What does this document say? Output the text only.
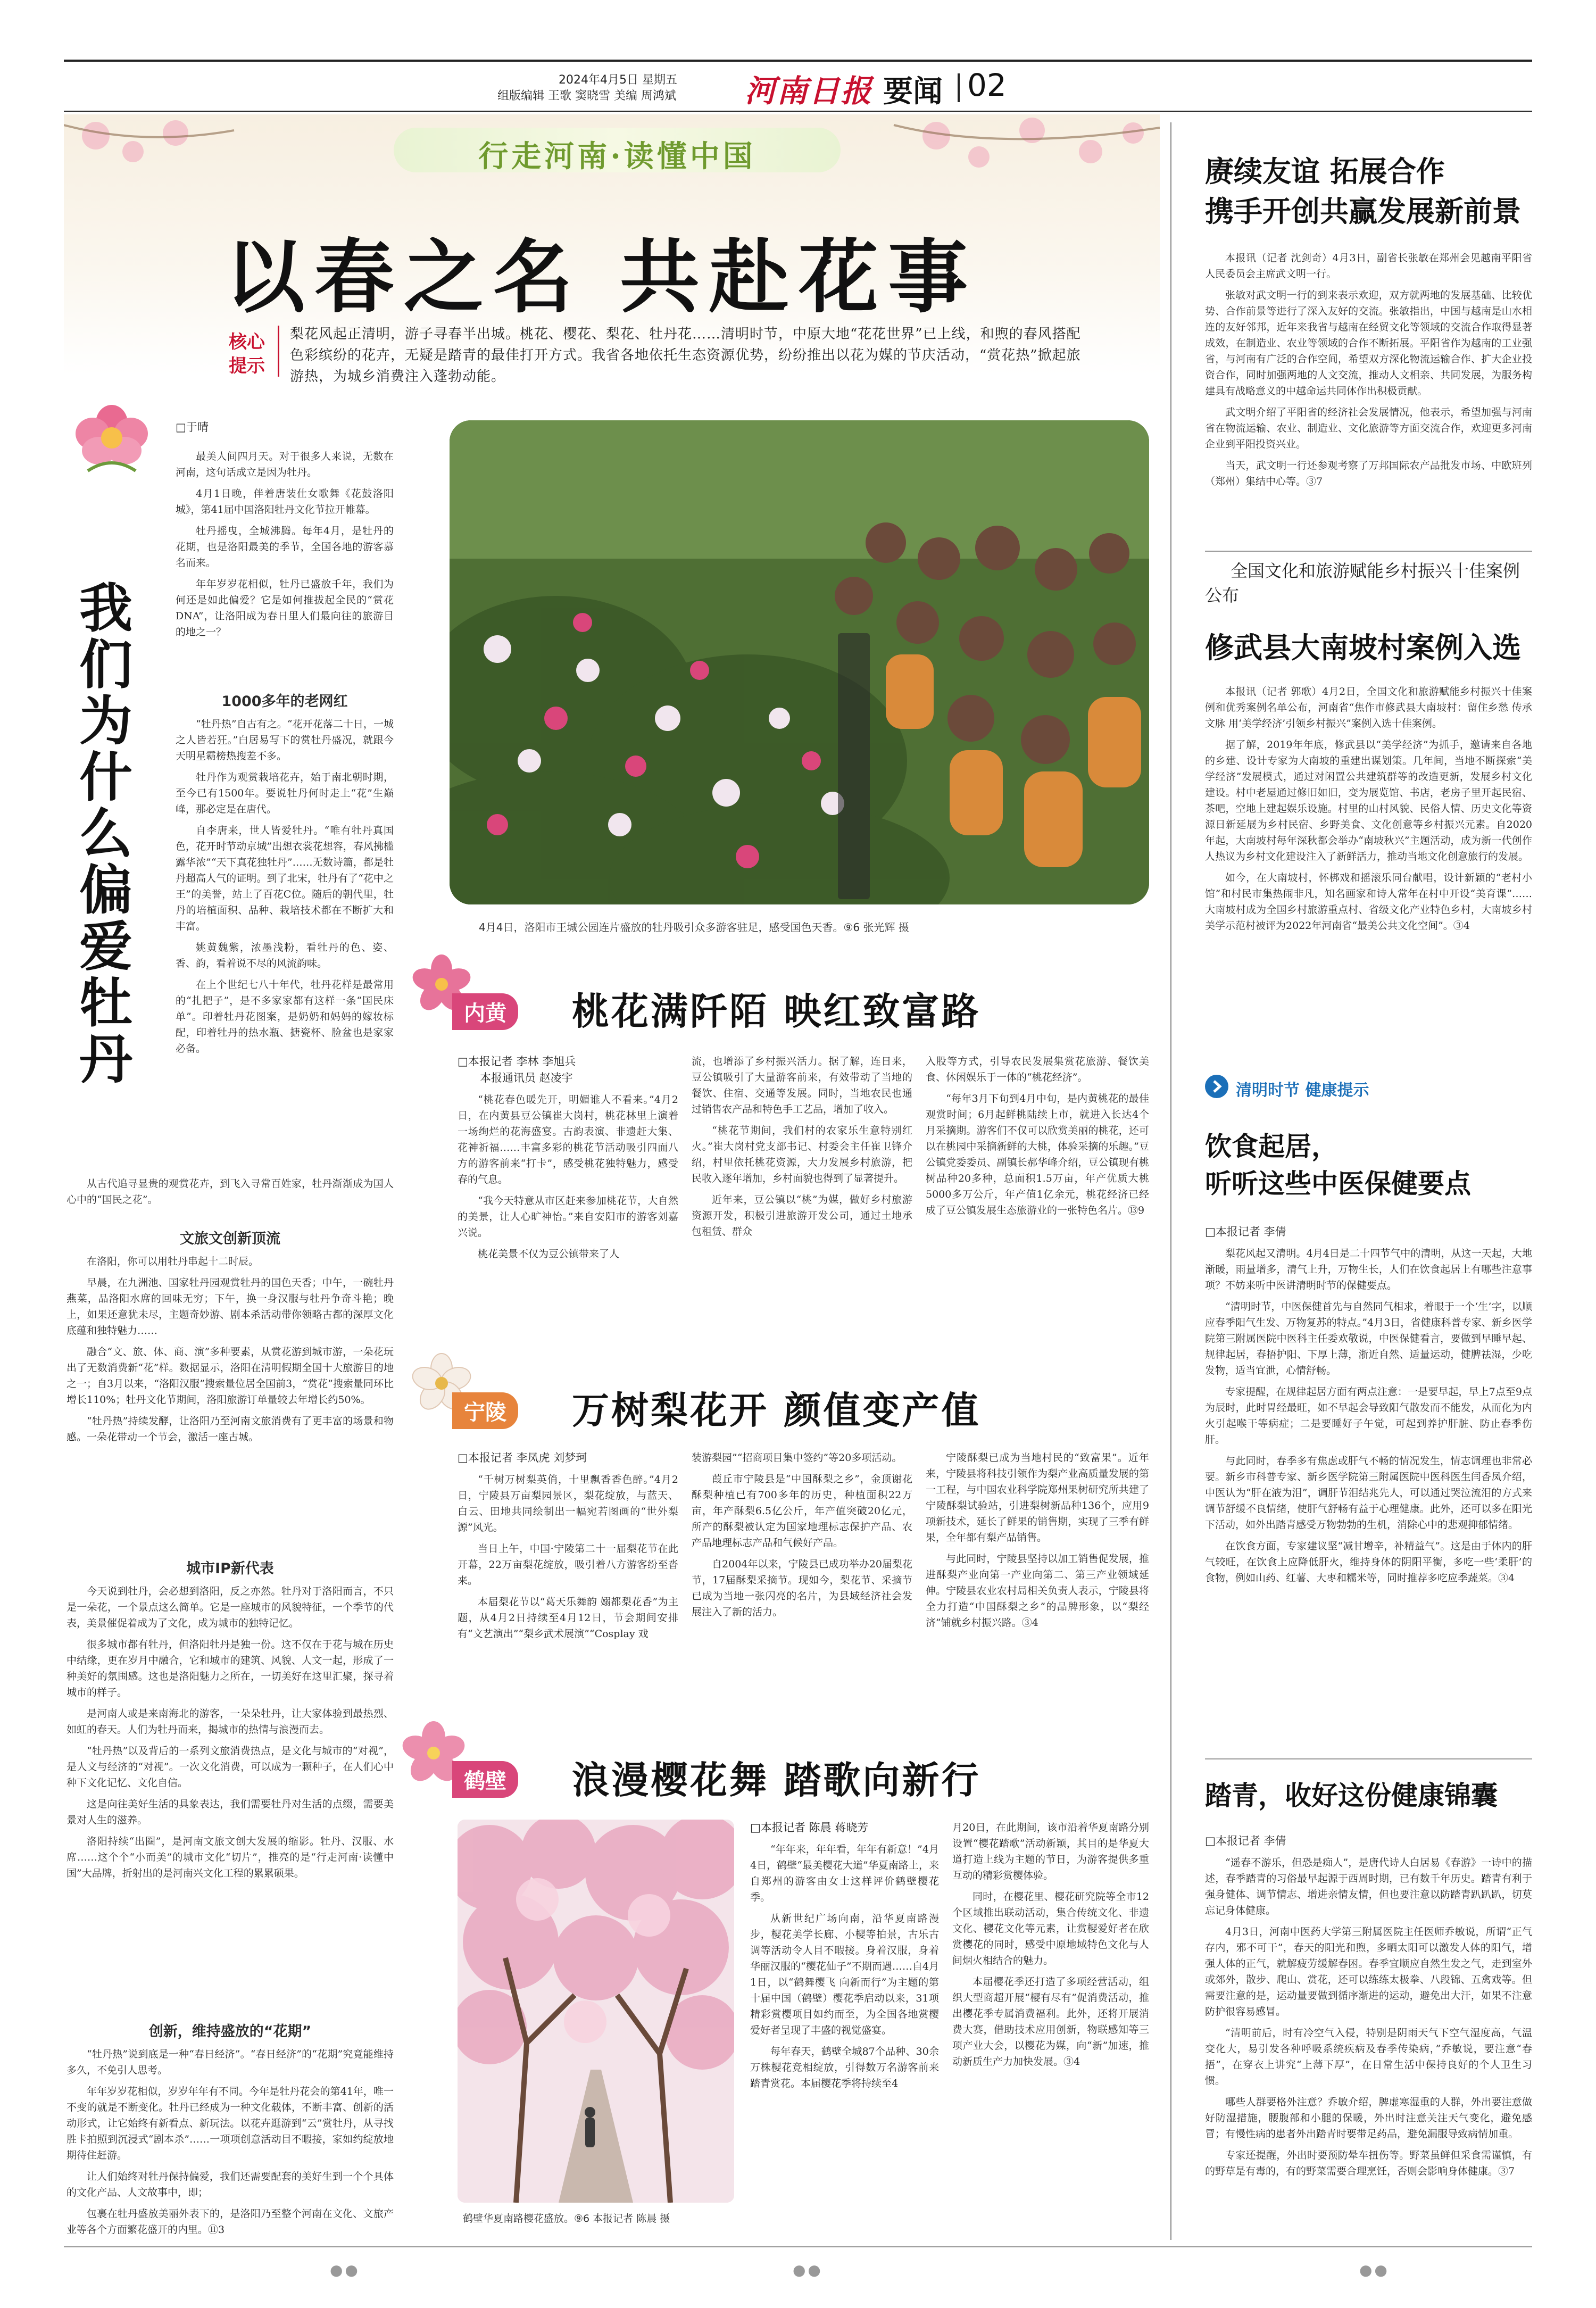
2024年4月5日 星期五
组版编辑 王歌 窦晓雪 美编 周鸿斌 河南日报 要闻 02
行走河南·读懂中国
以春之名 共赴花事
核心
提示
梨花风起正清明，游子寻春半出城。桃花、樱花、梨花、牡丹花……清明时节，中原大地“花花世界”已上线，和煦的春风搭配色彩缤纷的花卉，无疑是踏青的最佳打开方式。我省各地依托生态资源优势，纷纷推出以花为媒的节庆活动，“赏花热”掀起旅游热，为城乡消费注入蓬勃动能。
□于晴
我们为什么偏爱牡丹

最美人间四月天。对于很多人来说，无数在河南，这句话成立是因为牡丹。

4月1日晚，伴着唐装仕女歌舞《花鼓洛阳城》，第41届中国洛阳牡丹文化节拉开帷幕。

牡丹摇曳，全城沸腾。每年4月，是牡丹的花期，也是洛阳最美的季节，全国各地的游客慕名而来。

年年岁岁花相似，牡丹已盛放千年，我们为何还是如此偏爱？它是如何推拔起全民的“赏花DNA”，让洛阳成为春日里人们最向往的旅游目的地之一？

1000多年的老网红

“牡丹热”自古有之。“花开花落二十日，一城之人皆若狂。”白居易写下的赏牡丹盛况，就跟今天明星霸榜热搜差不多。

牡丹作为观赏栽培花卉，始于南北朝时期，至今已有1500年。要说牡丹何时走上“花”生巅峰，那必定是在唐代。

自李唐来，世人皆爱牡丹。“唯有牡丹真国色，花开时节动京城”出想衣裳花想容，春风拂槛露华浓”“天下真花独牡丹”……无数诗篇，都是牡丹超高人气的证明。到了北宋，牡丹有了“花中之王”的美誉，站上了百花C位。随后的朝代里，牡丹的培植面积、品种、栽培技术都在不断扩大和丰富。

姚黄魏紫，浓墨浅粉，看牡丹的色、姿、香、韵，看着说不尽的风流韵味。

在上个世纪七八十年代，牡丹花样是最常用的“扎把子”，是不多家家都有这样一条“国民床单”。印着牡丹花图案，是奶奶和妈妈的嫁妆标配，印着牡丹的热水瓶、搪瓷杯、脸盆也是家家必备。

从古代追寻显贵的观赏花卉，到飞入寻常百姓家，牡丹渐渐成为国人心中的“国民之花”。

文旅文创新顶流

在洛阳，你可以用牡丹串起十二时辰。

早晨，在九洲池、国家牡丹园观赏牡丹的国色天香；中午，一碗牡丹燕菜，品洛阳水席的回味无穷；下午，换一身汉服与牡丹争奇斗艳；晚上，如果还意犹未尽，主题奇妙游、剧本杀活动带你领略古都的深厚文化底蕴和独特魅力……

融合“文、旅、体、商、演”多种要素，从赏花游到城市游，一朵花玩出了无数消费新“花”样。数据显示，洛阳在清明假期全国十大旅游目的地之一；自3月以来，“洛阳汉服”搜索量位居全国前3，“赏花”搜索量同环比增长110%；牡丹文化节期间，洛阳旅游订单量较去年增长约50%。

“牡丹热”持续发酵，让洛阳乃至河南文旅消费有了更丰富的场景和物感。一朵花带动一个节会，激活一座古城。

城市IP新代表

今天说到牡丹，会必想到洛阳，反之亦然。牡丹对于洛阳而言，不只是一朵花，一个景点这么简单。它是一座城市的风貌特征，一个季节的代表，美景催促着成为了文化，成为城市的独特记忆。

很多城市都有牡丹，但洛阳牡丹是独一份。这不仅在于花与城在历史中结缘，更在岁月中融合，它和城市的建筑、风貌、人文一起，形成了一种美好的氛围感。这也是洛阳魅力之所在，一切美好在这里汇聚，探寻着城市的样子。

是河南人或是来南海北的游客，一朵朵牡丹，让大家体验到最热烈、如虹的春天。人们为牡丹而来，揭城市的热情与浪漫而去。

“牡丹热”以及背后的一系列文旅消费热点，是文化与城市的“对视”，是人文与经济的“对视”。一次文化消费，可以成为一颗种子，在人们心中种下文化记忆、文化自信。

这是向往美好生活的具象表达，我们需要牡丹对生活的点缀，需要美景对人生的滋养。

洛阳持续“出圈”，是河南文旅文创大发展的缩影。牡丹、汉服、水席……这个个“小而美”的城市文化“切片”，推亮的是“行走河南·读懂中国”大品牌，折射出的是河南兴文化工程的累累硕果。

创新，维持盛放的“花期”

“牡丹热”说到底是一种“春日经济”。“春日经济”的“花期”究竟能维持多久，不免引人思考。

年年岁岁花相似，岁岁年年有不同。今年是牡丹花会的第41年，唯一不变的就是不断变化。牡丹已经成为一种文化载体，不断丰富、创新的活动形式，让它始终有新看点、新玩法。以花卉逛游到“云”赏牡丹，从寻找胜卡拍照到沉浸式“剧本杀”……一项项创意活动目不暇接，家如约绽放地期待住赶游。

让人们始终对牡丹保持偏爱，我们还需要配套的美好生到一个个具体的文化产品、人文故事中，即；

包裹在牡丹盛放美丽外表下的，是洛阳乃至整个河南在文化、文旅产业等各个方面繁花盛开的内里。⑪3

4月4日，洛阳市王城公园连片盛放的牡丹吸引众多游客驻足，感受国色天香。⑨6 张光辉 摄
内黄	桃花满阡陌 映红致富路
□本报记者 李林 李旭兵
本报通讯员 赵凌宇

“桃花春色暖先开，明媚谁人不看来。”4月2日，在内黄县豆公镇崔大岗村，桃花林里上演着一场绚烂的花海盛宴。古韵表演、非遗赶大集、花神祈福……丰富多彩的桃花节活动吸引四面八方的游客前来“打卡”，感受桃花独特魅力，感受春的气息。

“我今天特意从市区赶来参加桃花节，大自然的美景，让人心旷神怡。”来自安阳市的游客刘嘉兴说。

桃花美景不仅为豆公镇带来了人

流，也增添了乡村振兴活力。据了解，连日来，豆公镇吸引了大量游客前来，有效带动了当地的餐饮、住宿、交通等发展。同时，当地农民也通过销售农产品和特色手工艺品，增加了收入。

“桃花节期间，我们村的农家乐生意特别红火。”崔大岗村党支部书记、村委会主任崔卫锋介绍，村里依托桃花资源，大力发展乡村旅游，把民收入逐年增加，乡村面貌也得到了显著提升。

近年来，豆公镇以“桃”为媒，做好乡村旅游资源开发，积极引进旅游开发公司，通过土地承包租赁、群众

入股等方式，引导农民发展集赏花旅游、餐饮美食、休闲娱乐于一体的“桃花经济”。

“每年3月下旬到4月中旬，是内黄桃花的最佳观赏时间；6月起鲜桃陆续上市，就进入长达4个月采摘期。游客们不仅可以欣赏美丽的桃花，还可以在桃园中采摘新鲜的大桃，体验采摘的乐趣。”豆公镇党委委员、副镇长郝华峰介绍，豆公镇现有桃树品种20多种，总面积1.5万亩，年产优质大桃5000多万公斤，年产值1亿余元，桃花经济已经成了豆公镇发展生态旅游业的一张特色名片。⑬9

宁陵	万树梨花开 颜值变产值
□本报记者 李凤虎 刘梦珂

“千树万树梨英俏，十里飘香香色醉。”4月2日，宁陵县万亩梨园景区，梨花绽放，与蓝天、白云、田地共同绘制出一幅宛若图画的“世外梨源”风光。

当日上午，中国·宁陵第二十一届梨花节在此开幕，22万亩梨花绽放，吸引着八方游客纷至沓来。

本届梨花节以“葛天乐舞韵 嫋都梨花香”为主题，从4月2日持续至4月12日，节会期间安排有“文艺演出”“梨乡武术展演”“Cosplay 戏

装游梨园”“招商项目集中签约”等20多项活动。

葭丘市宁陵县是“中国酥梨之乡”，金顶谢花酥梨种植已有700多年的历史，种植面积22万亩，年产酥梨6.5亿公斤，年产值突破20亿元，所产的酥梨被认定为国家地理标志保护产品、农产品地理标志产品和气候好产品。

自2004年以来，宁陵县已成功举办20届梨花节，17届酥梨采摘节。现如今，梨花节、采摘节已成为当地一张闪亮的名片，为县域经济社会发展注入了新的活力。

宁陵酥梨已成为当地村民的“致富果”。近年来，宁陵县将科技引领作为梨产业高质量发展的第一工程，与中国农业科学院郑州果树研究所共建了宁陵酥梨试验站，引进梨树新品种136个，应用9项新技术，延长了鲜果的销售期，实现了三季有鲜果，全年都有梨产品销售。

与此同时，宁陵县坚持以加工销售促发展，推进酥梨产业向第一产业向第二、第三产业领域延伸。宁陵县农业农村局相关负责人表示，宁陵县将全力打造“中国酥梨之乡”的品牌形象，以“梨经济”铺就乡村振兴路。③4

鹤壁	浪漫樱花舞 踏歌向新行
鹤壁华夏南路樱花盛放。⑨6 本报记者 陈晨 摄
□本报记者 陈晨 蒋晓芳

“年年来，年年看，年年有新意！”4月4日，鹤壁“最美樱花大道”华夏南路上，来自郑州的游客由女士这样评价鹤壁樱花季。

从新世纪广场向南，沿华夏南路漫步，樱花美学长廊、小樱等拍景，古乐古调等活动令人目不暇接。身着汉服，身着华丽汉服的“樱花仙子”不期而遇……自4月1日，以“鹤舞樱飞 向新而行”为主题的第十届中国（鹤壁）樱花季启动以来，31项精彩赏樱项目如约而至，为全国各地赏樱爱好者呈现了丰盛的视觉盛宴。

每年春天，鹤壁全城87个品种、30余万株樱花竞相绽放，引得数万名游客前来踏青赏花。本届樱花季将持续至4

月20日，在此期间，该市沿着华夏南路分别设置“樱花踏歌”活动新颖，其目的是华夏大道打造上线为主题的节日，为游客提供多重互动的精彩赏樱体验。

同时，在樱花里、樱花研究院等全市12个区域推出联动活动，集合传统文化、非遗文化、樱花文化等元素，让赏樱爱好者在欣赏樱花的同时，感受中原地域特色文化与人间烟火相结合的魅力。

本届樱花季还打造了多项经营活动，组织大型商超开展“樱有尽有”促消费活动，推出樱花季专属消费福利。此外，还将开展消费大赛，借助技术应用创新，物联感知等三项产业大会，以樱花为媒，向“新”加速，推动新质生产力加快发展。③4

赓续友谊 拓展合作
携手开创共赢发展新前景

本报讯（记者 沈剑奇）4月3日，副省长张敏在郑州会见越南平阳省人民委员会主席武文明一行。

张敏对武文明一行的到来表示欢迎，双方就两地的发展基础、比较优势、合作前景等进行了深入友好的交流。张敏指出，中国与越南是山水相连的友好邻邦，近年来我省与越南在经贸文化等领域的交流合作取得显著成效，在制造业、农业等领域的合作不断拓展。平阳省作为越南的工业强省，与河南有广泛的合作空间，希望双方深化物流运输合作、扩大企业投资合作，同时加强两地的人文交流，推动人文相亲、共同发展，为服务构建具有战略意义的中越命运共同体作出积极贡献。

武文明介绍了平阳省的经济社会发展情况，他表示，希望加强与河南省在物流运输、农业、制造业、文化旅游等方面交流合作，欢迎更多河南企业到平阳投资兴业。

当天，武文明一行还参观考察了万邦国际农产品批发市场、中欧班列（郑州）集结中心等。③7

全国文化和旅游赋能乡村振兴十佳案例公布
修武县大南坡村案例入选

本报讯（记者 郭歌）4月2日，全国文化和旅游赋能乡村振兴十佳案例和优秀案例名单公布，河南省“焦作市修武县大南坡村：留住乡愁 传承文脉 用‘美学经济’引领乡村振兴”案例入选十佳案例。

据了解，2019年年底，修武县以“美学经济”为抓手，邀请来自各地的乡建、设计专家为大南坡的重建出谋划策。几年间，当地不断探索“美学经济”发展模式，通过对闲置公共建筑群等的改造更新，发展乡村文化建设。村中老屋通过修旧如旧，变为展览馆、书店，老房子里开起民宿、茶吧，空地上建起娱乐设施。村里的山村风貌、民俗人情、历史文化等资源日新延展为乡村民宿、乡野美食、文化创意等乡村振兴元素。自2020年起，大南坡村每年深秋都会举办“南坡秋兴”主题活动，成为新一代创作人热议为乡村文化建设注入了新鲜活力，推动当地文化创意旅行的发展。

如今，在大南坡村，怀梆戏和摇滚乐同台献唱，设计新颖的“老村小馆”和村民市集热闹非凡，知名画家和诗人常年在村中开设“美育课”……大南坡村成为全国乡村旅游重点村、省级文化产业特色乡村，大南坡乡村美学示范村被评为2022年河南省“最美公共文化空间”。③4

清明时节 健康提示
饮食起居，
听听这些中医保健要点
□本报记者 李倩

梨花风起又清明。4月4日是二十四节气中的清明，从这一天起，大地渐暖，雨量增多，清气上升，万物生长，人们在饮食起居上有哪些注意事项？不妨来听中医讲清明时节的保健要点。

“清明时节，中医保健首先与自然同气相求，着眼于一个‘生’字，以顺应春季阳气生发、万物复苏的特点。”4月3日，省健康科普专家、新乡医学院第三附属医院中医科主任委欢敬说，中医保健看言，要做到早睡早起、规律起居，春捂护阳、下厚上薄，浙近自然、适量运动，健脾祛湿，少吃发物，适当宜泄，心情舒畅。

专家提醒，在规律起居方面有两点注意：一是要早起，早上7点至9点为辰时，此时胃经最旺，如不早起会导致阳气散发而不能发，从而化为内火引起喉干等病症；二是要睡好子午觉，可起到养护肝脏、防止春季伤肝。

与此同时，春季多有焦虑或肝气不畅的情况发生，情志调理也非常必要。新乡市科普专家、新乡医学院第三附属医院中医科医生闫香凤介绍，中医认为“肝在液为泪”，调肝节泪结兆先人，可以通过哭泣流泪的方式来调节舒缓不良情绪，使肝气舒畅有益于心理健康。此外，还可以多在阳光下活动，如外出踏青感受万物勃勃的生机，消除心中的悲观抑郁情绪。

在饮食方面，专家建议坚“减甘增辛，补精益气”。这是由于体内的肝气较旺，在饮食上应降低肝火，维持身体的阴阳平衡，多吃一些‘柔肝’的食物，例如山药、红薯、大枣和糯米等，同时推荐多吃应季蔬菜。③4

踏青，收好这份健康锦囊
□本报记者 李倩

“遥春不游乐，但恐是痴人”，是唐代诗人白居易《春游》一诗中的描述，春季踏青的习俗最早起源于西周时期，已有数千年历史。踏青有利于强身健体、调节情志、增进亲情友情，但也要注意以防踏青趴趴趴，切莫忘记身体健康。

4月3日，河南中医药大学第三附属医院主任医师乔敏说，所谓“正气存内，邪不可干”，春天的阳光和煦，多晒太阳可以激发人体的阳气，增强人体的正气，就解疲劳缓解春困。春季宜顺应自然生发之气，走到室外或郊外，散步、爬山、赏花，还可以练练太极拳、八段锦、五禽戏等。但需要注意的是，运动量要做到循序渐进的运动，避免出大汗，如果不注意防护很容易感冒。

“清明前后，时有冷空气入侵，特别是阴雨天气下空气湿度高，气温变化大，易引发各种呼吸系统疾病及春季传染病，”乔敏说，要注意“春捂”，在穿衣上讲究“上薄下厚”，在日常生活中保持良好的个人卫生习惯。

哪些人群要格外注意？乔敏介绍，脾虚寒湿重的人群，外出要注意做好防湿措施，腰腹部和小腿的保暖，外出时注意关注天气变化，避免感冒；有慢性病的患者外出踏青时要带足药品，避免漏服导致病情加重。

专家还提醒，外出时要预防晕车扭伤等。野菜虽鲜但采食需谨慎，有的野草是有毒的，有的野菜需要合理烹饪，否则会影响身体健康。③7

●●	●●	●●
